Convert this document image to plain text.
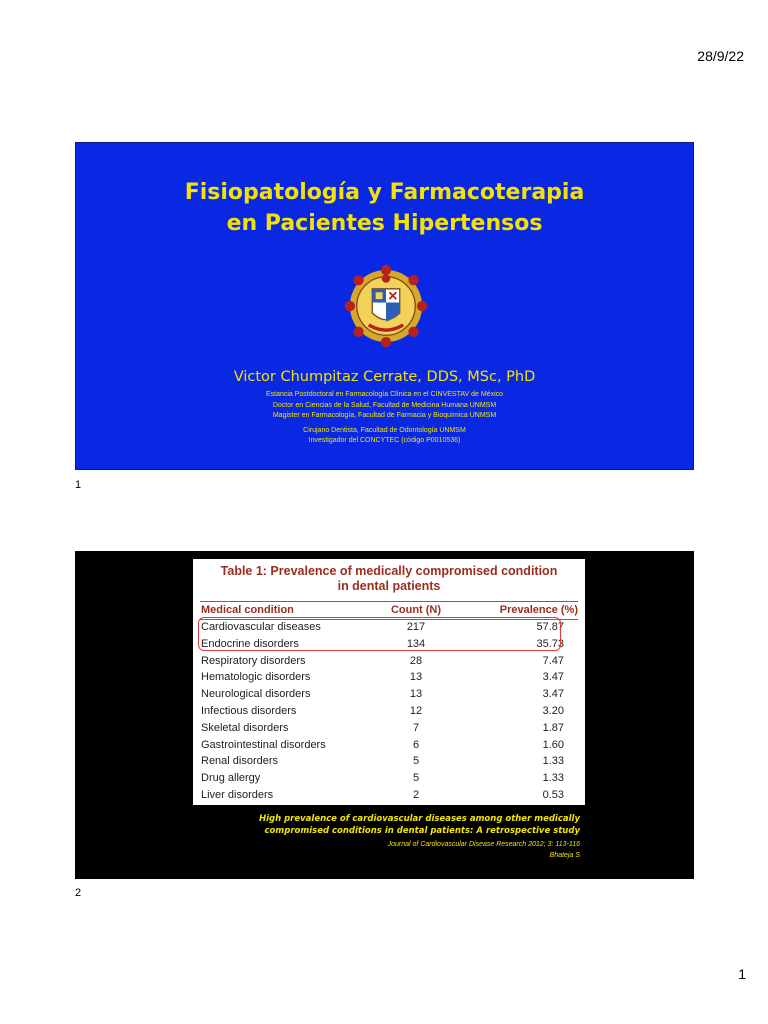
28/9/22
Fisiopatología y Farmacoterapia
en Pacientes Hipertensos
Victor Chumpitaz Cerrate, DDS, MSc, PhD
Estancia Postdoctoral en Farmacología Clínica en el CINVESTAV de México
Doctor en Ciencias de la Salud, Facultad de Medicina Humana UNMSM
Magister en Farmacología, Facultad de Farmacia y Bioquímica UNMSM
Cirujano Dentista, Facultad de Odontología UNMSM
Investigador del CONCYTEC (código P0010536)
1
Table 1: Prevalence of medically compromised condition
in dental patients
Medical condition	Count (N)	Prevalence (%)
Cardiovascular diseases	217	57.87
Endocrine disorders	134	35.73
Respiratory disorders	28	7.47
Hematologic disorders	13	3.47
Neurological disorders	13	3.47
Infectious disorders	12	3.20
Skeletal disorders	7	1.87
Gastrointestinal disorders	6	1.60
Renal disorders	5	1.33
Drug allergy	5	1.33
Liver disorders	2	0.53
High prevalence of cardiovascular diseases among other medically
compromised conditions in dental patients: A retrospective study
Journal of Cardiovascular Disease Research 2012; 3: 113-116
Bhateja S
2
1
